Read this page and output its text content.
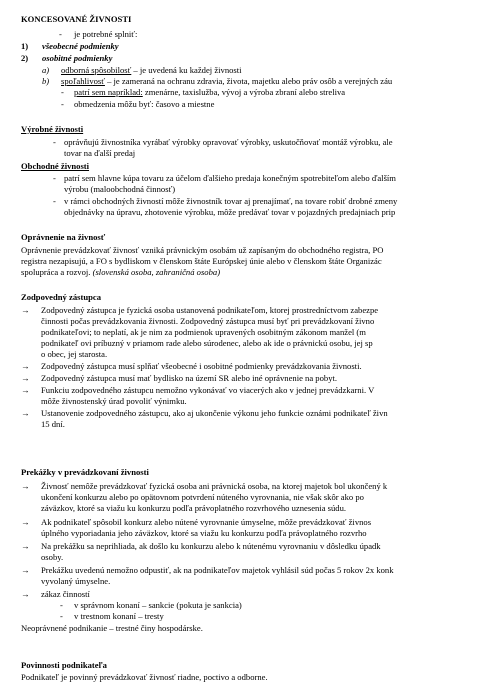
KONCESOVANÉ ŽIVNOSTI
- je potrebné splniť:
1) všeobecné podmienky
2) osobitné podmienky
a) odborná spôsobilosť – je uvedená ku každej živnosti
b) spoľahlivosť – je zameraná na ochranu zdravia, života, majetku alebo práv osôb a verejných záu
- patrí sem napríklad: zmenárne, taxislužba, vývoj a výroba zbraní alebo streliva
- obmedzenia môžu byť: časovo a miestne
Výrobné živnosti
- oprávňujú živnostníka vyrábať výrobky opravovať výrobky, uskutočňovať montáž výrobku, ale
tovar na ďalší predaj
Obchodné živnosti
- patrí sem hlavne kúpa tovaru za účelom ďalšieho predaja konečným spotrebiteľom alebo ďalším
výrobu (maloobchodná činnosť)
- v rámci obchodných živností môže živnostník tovar aj prenajímať, na tovare robiť drobné zmeny
objednávky na úpravu, zhotovenie výrobku, môže predávať tovar v pojazdných predajniach prip
Oprávnenie na živnosť
Oprávnenie prevádzkovať živnosť vzniká právnickým osobám už zapísaným do obchodného registra, PO
registra nezapisujú, a FO s bydliskom v členskom štáte Európskej únie alebo v členskom štáte Organizác
spolupráca a rozvoj. (slovenská osoba, zahraničná osoba)
Zodpovedný zástupca
→ Zodpovedný zástupca je fyzická osoba ustanovená podnikateľom, ktorej prostredníctvom zabezpe
činnosti počas prevádzkovania živnosti. Zodpovedný zástupca musí byť pri prevádzkovaní živno
podnikateľovi; to neplatí, ak je nim za podmienok upravených osobitným zákonom manžel (m
podnikateľ ovi príbuzný v priamom rade alebo súrodenec, alebo ak ide o právnickú osobu, jej sp
o obec, jej starosta.
→ Zodpovedný zástupca musí splňať všeobecné i osobitné podmienky prevádzkovania živnosti.
→ Zodpovedný zástupca musí mať bydlisko na území SR alebo iné oprávnenie na pobyt.
→ Funkciu zodpovedného zástupcu nemožno vykonávať vo viacerých ako v jednej prevádzkarni. V
môže živnostenský úrad povoliť výnimku.
→ Ustanovenie zodpovedného zástupcu, ako aj ukončenie výkonu jeho funkcie oznámi podnikateľ živn
15 dní.
Prekážky v prevádzkovaní živnosti
→ Živnosť nemôže prevádzkovať fyzická osoba ani právnická osoba, na ktorej majetok bol ukončený k
ukončení konkurzu alebo po opätovnom potvrdení núteného vyrovnania, nie však skôr ako po
záväzkov, ktoré sa viažu ku konkurzu podľa právoplatného rozvrhového uznesenia súdu.
→ Ak podnikateľ spôsobil konkurz alebo nútené vyrovnanie úmyselne, môže prevádzkovať živnos
úplného vyporiadania jeho záväzkov, ktoré sa viažu ku konkurzu podľa právoplatného rozvrho
→ Na prekážku sa neprihliada, ak došlo ku konkurzu alebo k nútenému vyrovnaniu v dôsledku úpadk
osoby.
→ Prekážku uvedenú nemožno odpustiť, ak na podnikateľov majetok vyhlásil súd počas 5 rokov 2x konk
vyvolaný úmyselne.
→ zákaz činností
- v správnom konaní – sankcie (pokuta je sankcia)
- v trestnom konaní – tresty
Neoprávnené podnikanie – trestné činy hospodárske.
Povinnosti podnikateľa
Podnikateľ je povinný prevádzkovať živnosť riadne, poctivo a odborne.
